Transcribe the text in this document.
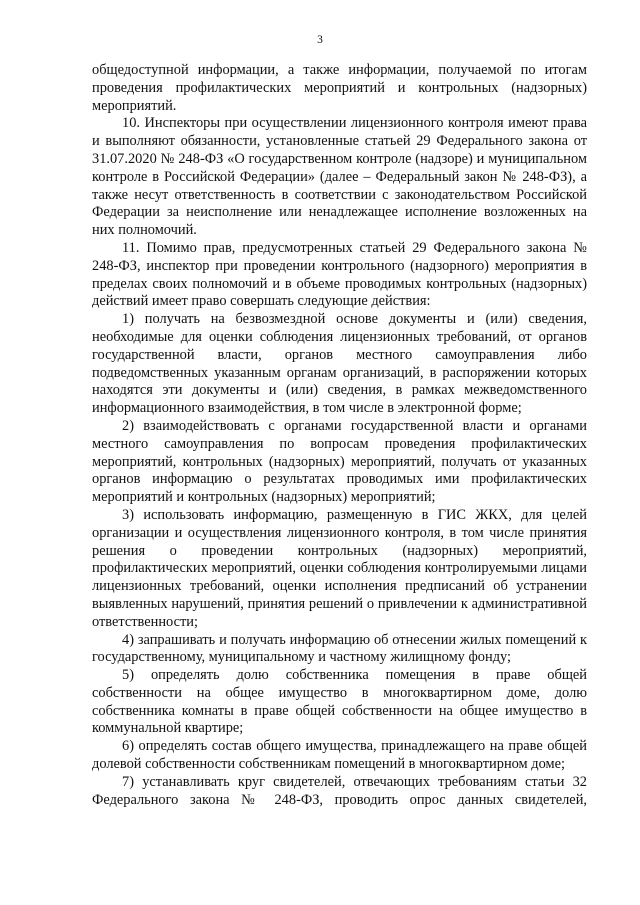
3

общедоступной информации, а также информации, получаемой по итогам проведения профилактических мероприятий и контрольных (надзорных) мероприятий.

10. Инспекторы при осуществлении лицензионного контроля имеют права и выполняют обязанности, установленные статьей 29 Федерального закона от 31.07.2020 № 248-ФЗ «О государственном контроле (надзоре) и муниципальном контроле в Российской Федерации» (далее – Федеральный закон № 248-ФЗ), а также несут ответственность в соответствии с законодательством Российской Федерации за неисполнение или ненадлежащее исполнение возложенных на них полномочий.

11. Помимо прав, предусмотренных статьей 29 Федерального закона № 248-ФЗ, инспектор при проведении контрольного (надзорного) мероприятия в пределах своих полномочий и в объеме проводимых контрольных (надзорных) действий имеет право совершать следующие действия:

1) получать на безвозмездной основе документы и (или) сведения, необходимые для оценки соблюдения лицензионных требований, от органов государственной власти, органов местного самоуправления либо подведомственных указанным органам организаций, в распоряжении которых находятся эти документы и (или) сведения, в рамках межведомственного информационного взаимодействия, в том числе в электронной форме;

2) взаимодействовать с органами государственной власти и органами местного самоуправления по вопросам проведения профилактических мероприятий, контрольных (надзорных) мероприятий, получать от указанных органов информацию о результатах проводимых ими профилактических мероприятий и контрольных (надзорных) мероприятий;

3) использовать информацию, размещенную в ГИС ЖКХ, для целей организации и осуществления лицензионного контроля, в том числе принятия решения о проведении контрольных (надзорных) мероприятий, профилактических мероприятий, оценки соблюдения контролируемыми лицами лицензионных требований, оценки исполнения предписаний об устранении выявленных нарушений, принятия решений о привлечении к административной ответственности;

4) запрашивать и получать информацию об отнесении жилых помещений к государственному, муниципальному и частному жилищному фонду;

5) определять долю собственника помещения в праве общей собственности на общее имущество в многоквартирном доме, долю собственника комнаты в праве общей собственности на общее имущество в коммунальной квартире;

6) определять состав общего имущества, принадлежащего на праве общей долевой собственности собственникам помещений в многоквартирном доме;

7) устанавливать круг свидетелей, отвечающих требованиям статьи 32 Федерального закона № 248-ФЗ, проводить опрос данных свидетелей,
